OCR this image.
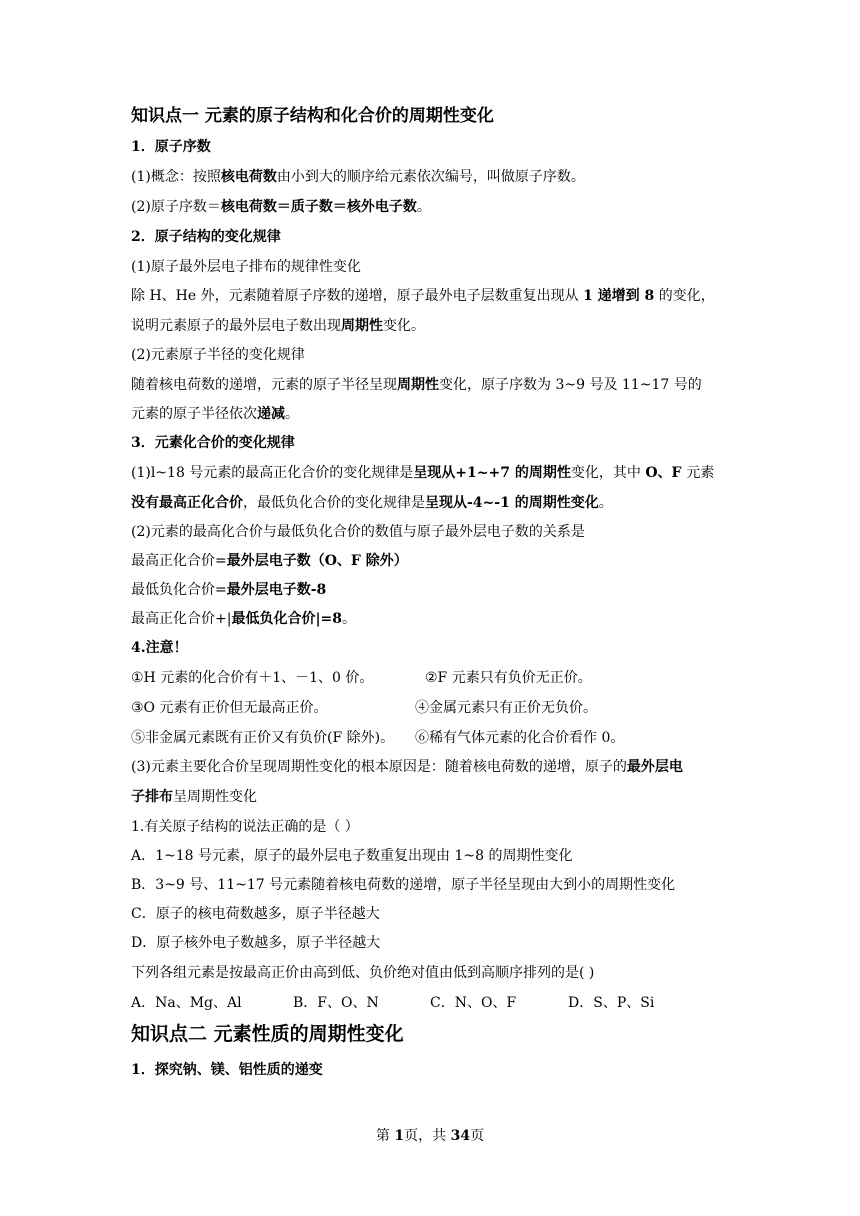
知识点一 元素的原子结构和化合价的周期性变化
1．原子序数
(1)概念：按照核电荷数由小到大的顺序给元素依次编号，叫做原子序数。
(2)原子序数＝核电荷数＝质子数＝核外电子数。
2．原子结构的变化规律
(1)原子最外层电子排布的规律性变化
除 H、He 外，元素随着原子序数的递增，原子最外电子层数重复出现从 1 递增到 8 的变化，
说明元素原子的最外层电子数出现周期性变化。
(2)元素原子半径的变化规律
随着核电荷数的递增，元素的原子半径呈现周期性变化，原子序数为 3~9 号及 11~17 号的
元素的原子半径依次递减。
3．元素化合价的变化规律
(1)l~18 号元素的最高正化合价的变化规律是呈现从+1~+7 的周期性变化，其中 O、F 元素
没有最高正化合价，最低负化合价的变化规律是呈现从-4~-1 的周期性变化。
(2)元素的最高化合价与最低负化合价的数值与原子最外层电子数的关系是
最高正化合价=最外层电子数（O、F 除外）
最低负化合价=最外层电子数-8
最高正化合价+|最低负化合价|=8。
4.注意！
①H 元素的化合价有＋1、－1、0 价。	②F 元素只有负价无正价。
③O 元素有正价但无最高正价。	④金属元素只有正价无负价。
⑤非金属元素既有正价又有负价(F 除外)。 ⑥稀有气体元素的化合价看作 0。
(3)元素主要化合价呈现周期性变化的根本原因是：随着核电荷数的递增，原子的最外层电
子排布呈周期性变化
1.有关原子结构的说法正确的是（ ）
A．1~18 号元素，原子的最外层电子数重复出现由 1~8 的周期性变化
B．3~9 号、11~17 号元素随着核电荷数的递增，原子半径呈现由大到小的周期性变化
C．原子的核电荷数越多，原子半径越大
D．原子核外电子数越多，原子半径越大
下列各组元素是按最高正价由高到低、负价绝对值由低到高顺序排列的是( )
A．Na、Mg、Al	B．F、O、N	C．N、O、F	D．S、P、Si
知识点二 元素性质的周期性变化
1．探究钠、镁、铝性质的递变
第 1页，共 34页
